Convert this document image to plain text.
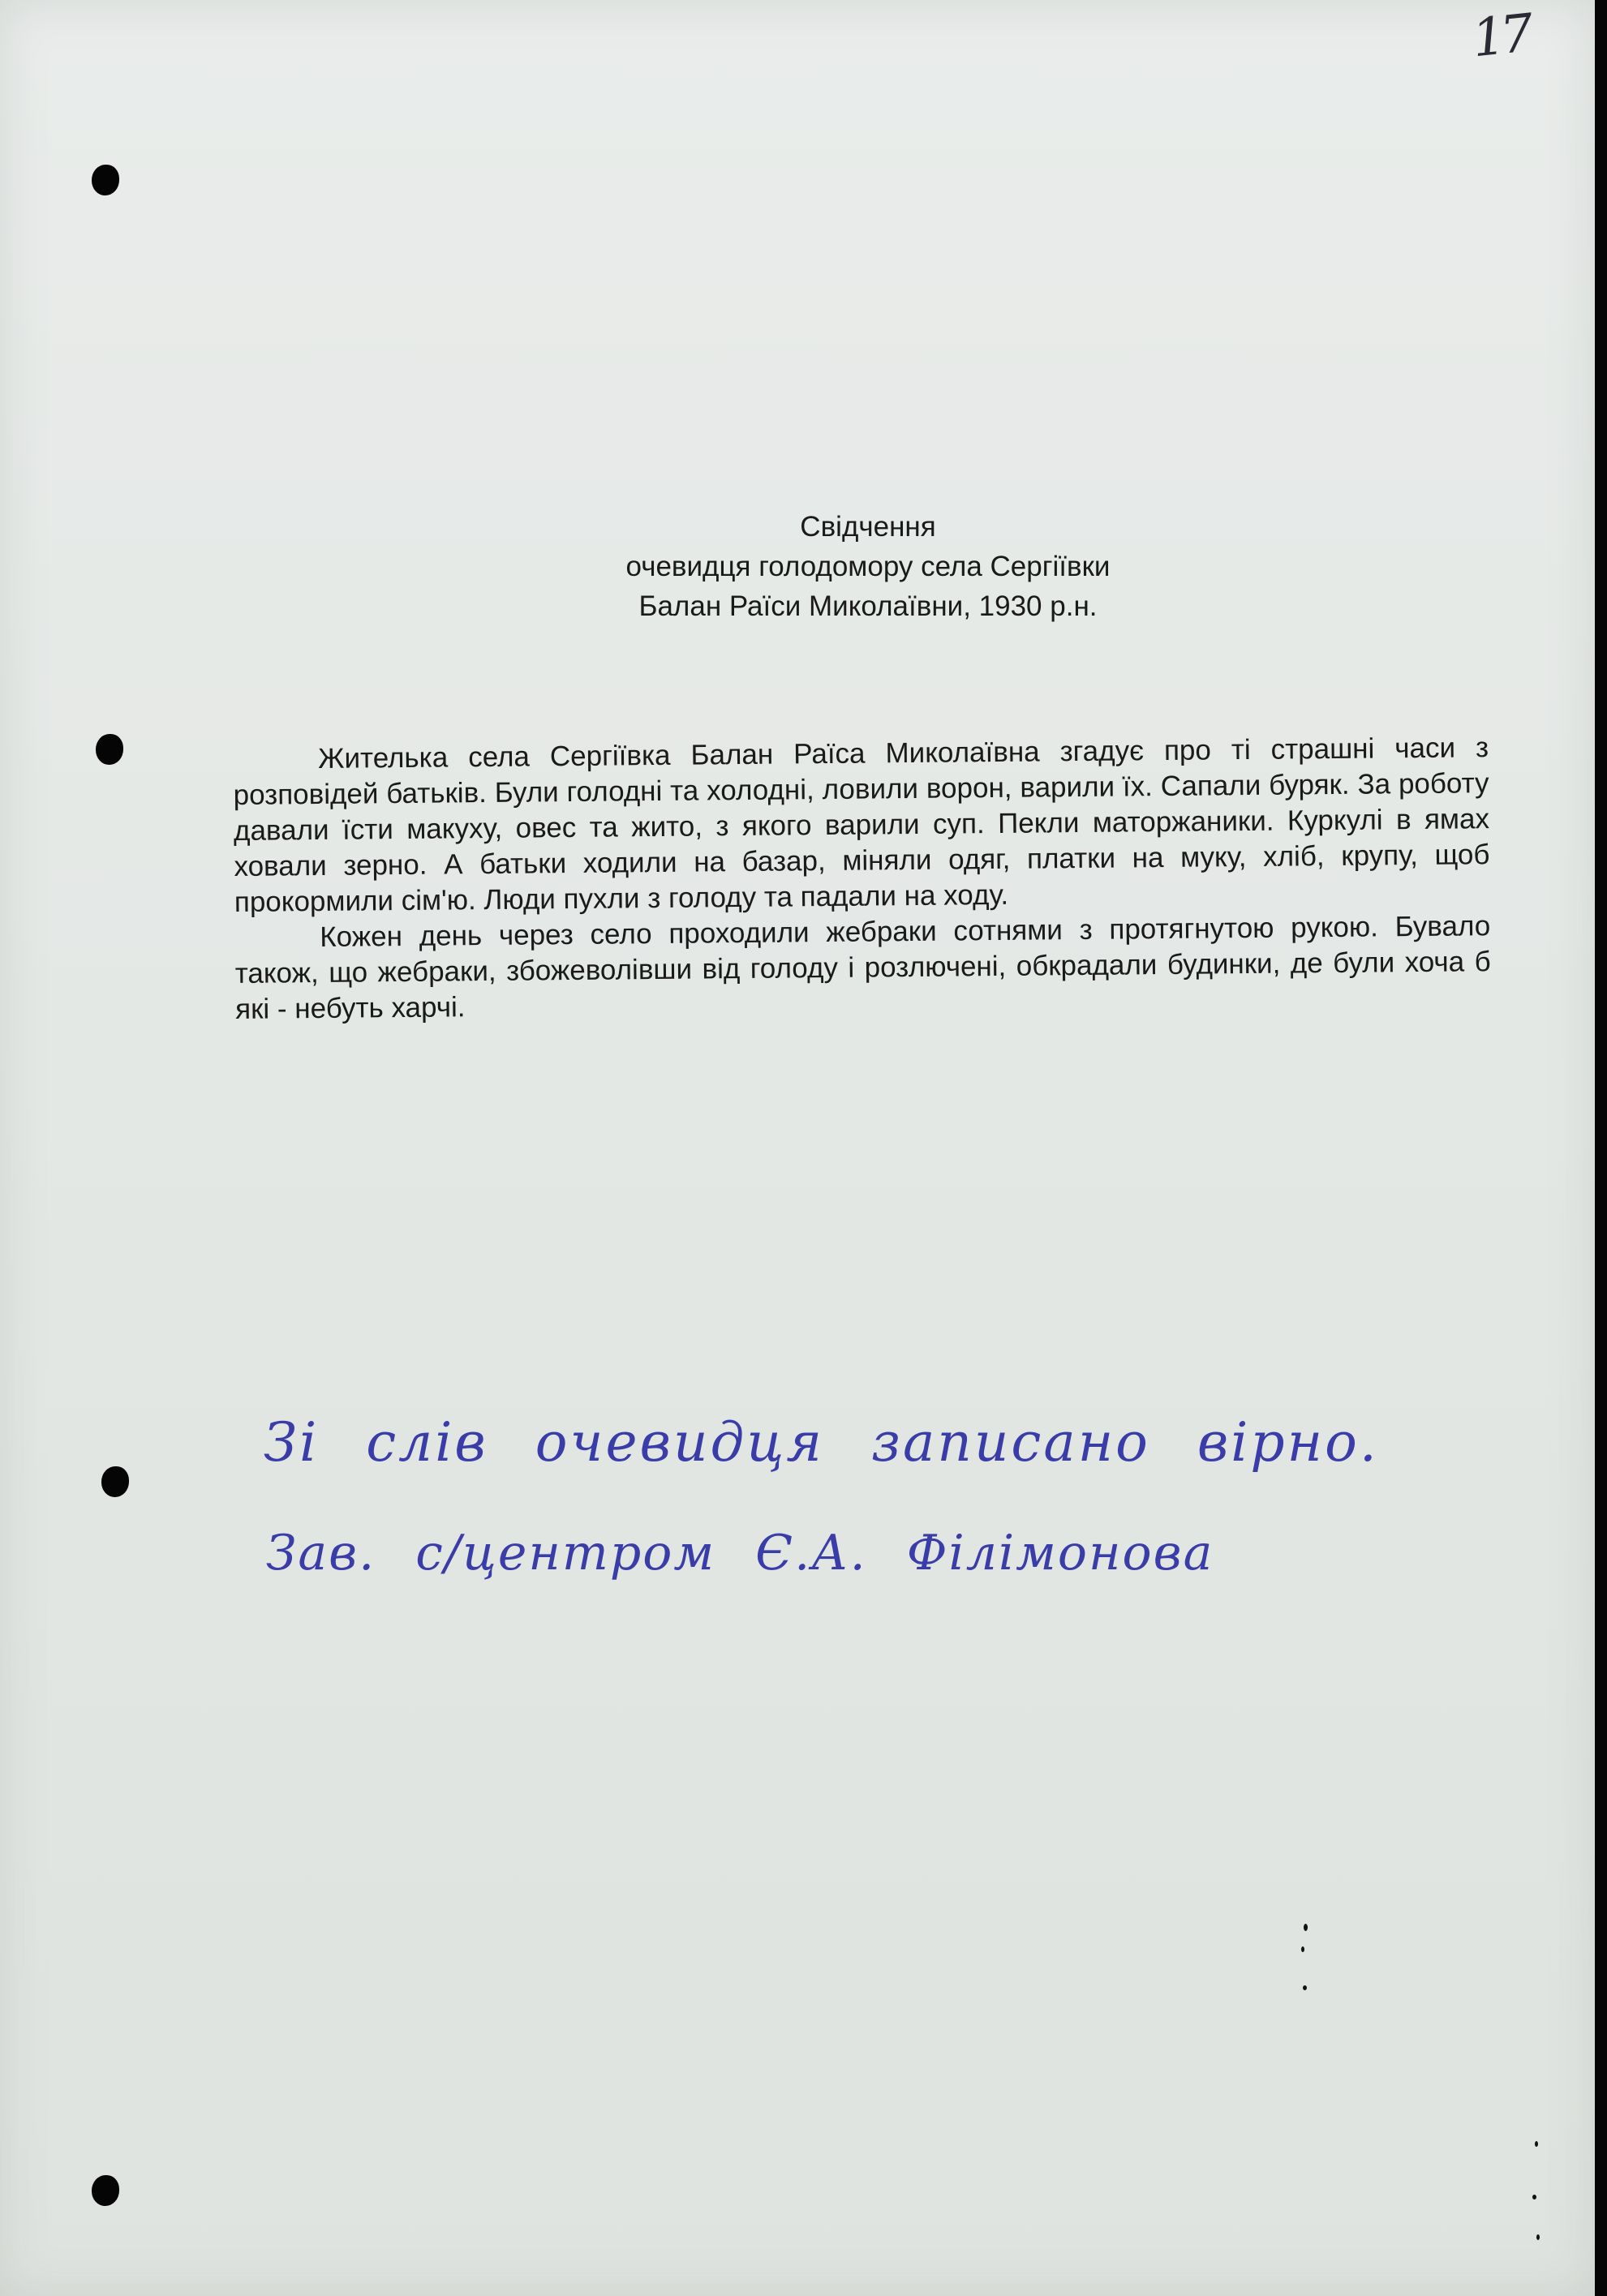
17
Свідчення
очевидця голодомору села Сергіївки
Балан Раїси Миколаївни, 1930 р.н.

Жителька села Сергіївка Балан Раїса Миколаївна згадує про ті страшні часи з розповідей батьків. Були голодні та холодні, ловили ворон, варили їх. Сапали буряк. За роботу давали їсти макуху, овес та жито, з якого варили суп. Пекли маторжаники. Куркулі в ямах ховали зерно. А батьки ходили на базар, міняли одяг, платки на муку, хліб, крупу, щоб прокормили сім'ю. Люди пухли з голоду та падали на ходу.

Кожен день через село проходили жебраки сотнями з протягнутою рукою. Бувало також, що жебраки, збожеволівши від голоду і розлючені, обкрадали будинки, де були хоча б які - небуть харчі.

Зі слів очевидця записано вірно.
Зав. с/центром Є.А. Філімонова
